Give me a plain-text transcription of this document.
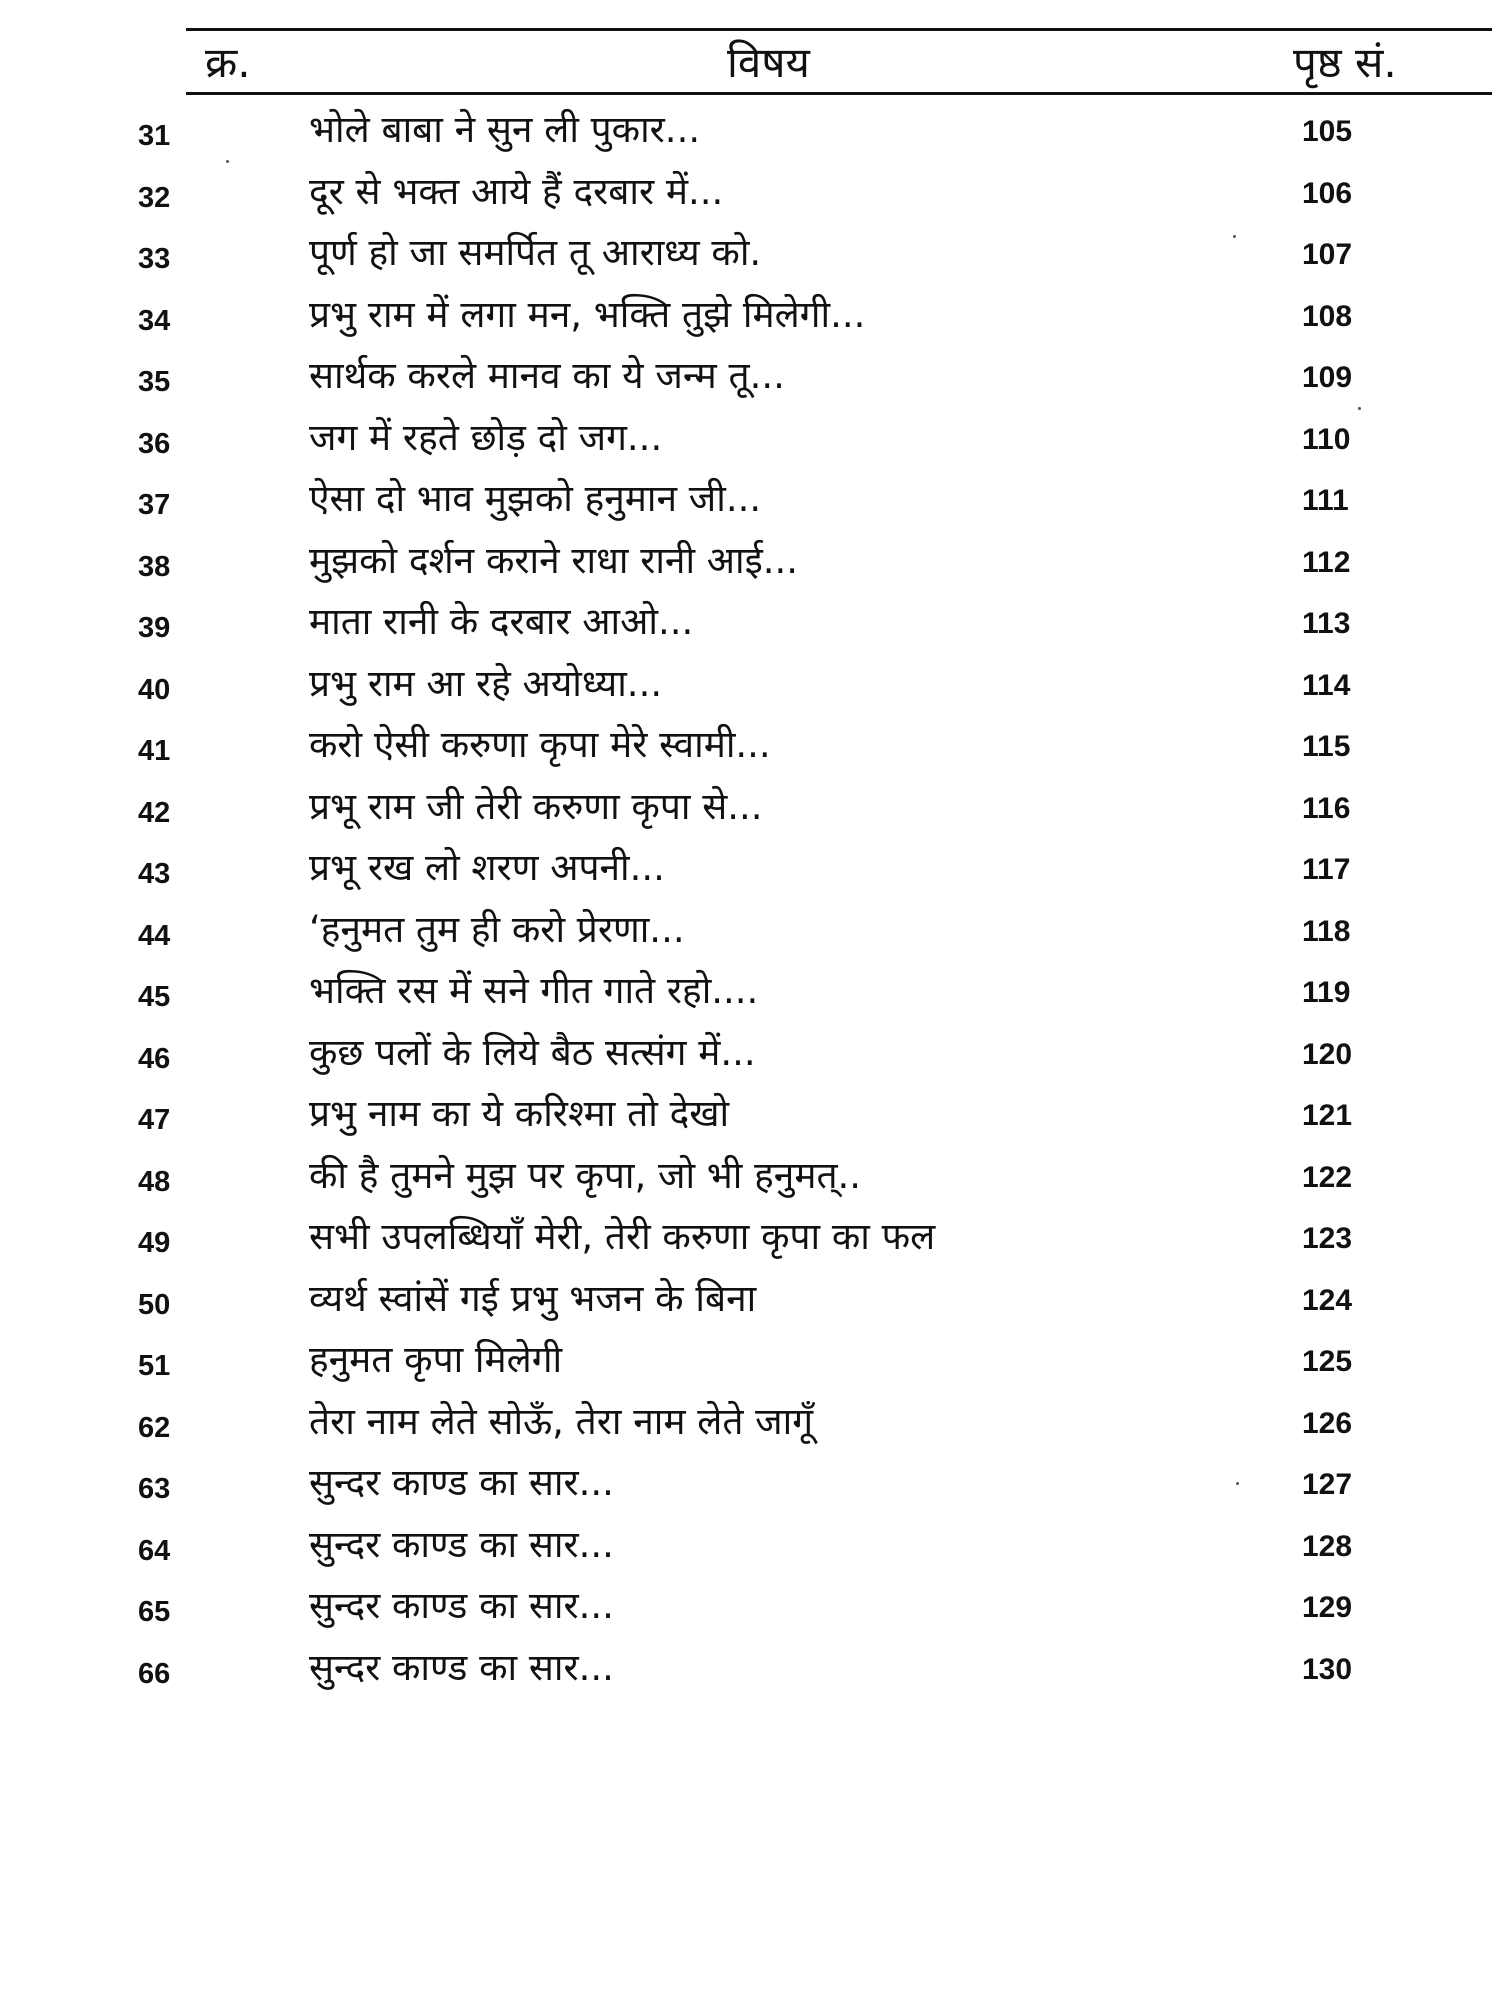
क्र.	विषय	पृष्ठ सं.
31	भोले बाबा ने सुन ली पुकार...	105
32	दूर से भक्त आये हैं दरबार में...	106
33	पूर्ण हो जा समर्पित तू आराध्य को.	107
34	प्रभु राम में लगा मन, भक्ति तुझे मिलेगी...	108
35	सार्थक करले मानव का ये जन्म तू...	109
36	जग में रहते छोड़ दो जग...	110
37	ऐसा दो भाव मुझको हनुमान जी...	111
38	मुझको दर्शन कराने राधा रानी आई...	112
39	माता रानी के दरबार आओ...	113
40	प्रभु राम आ रहे अयोध्या...	114
41	करो ऐसी करुणा कृपा मेरे स्वामी...	115
42	प्रभू राम जी तेरी करुणा कृपा से...	116
43	प्रभू रख लो शरण अपनी...	117
44	‘हनुमत तुम ही करो प्रेरणा...	118
45	भक्ति रस में सने गीत गाते रहो....	119
46	कुछ पलों के लिये बैठ सत्संग में...	120
47	प्रभु नाम का ये करिश्मा तो देखो	121
48	की है तुमने मुझ पर कृपा, जो भी हनुमत्..	122
49	सभी उपलब्धियाँ मेरी, तेरी करुणा कृपा का फल	123
50	व्यर्थ स्वांसें गई प्रभु भजन के बिना	124
51	हनुमत कृपा मिलेगी	125
62	तेरा नाम लेते सोऊँ, तेरा नाम लेते जागूँ	126
63	सुन्दर काण्ड का सार...	127
64	सुन्दर काण्ड का सार...	128
65	सुन्दर काण्ड का सार...	129
66	सुन्दर काण्ड का सार...	130
